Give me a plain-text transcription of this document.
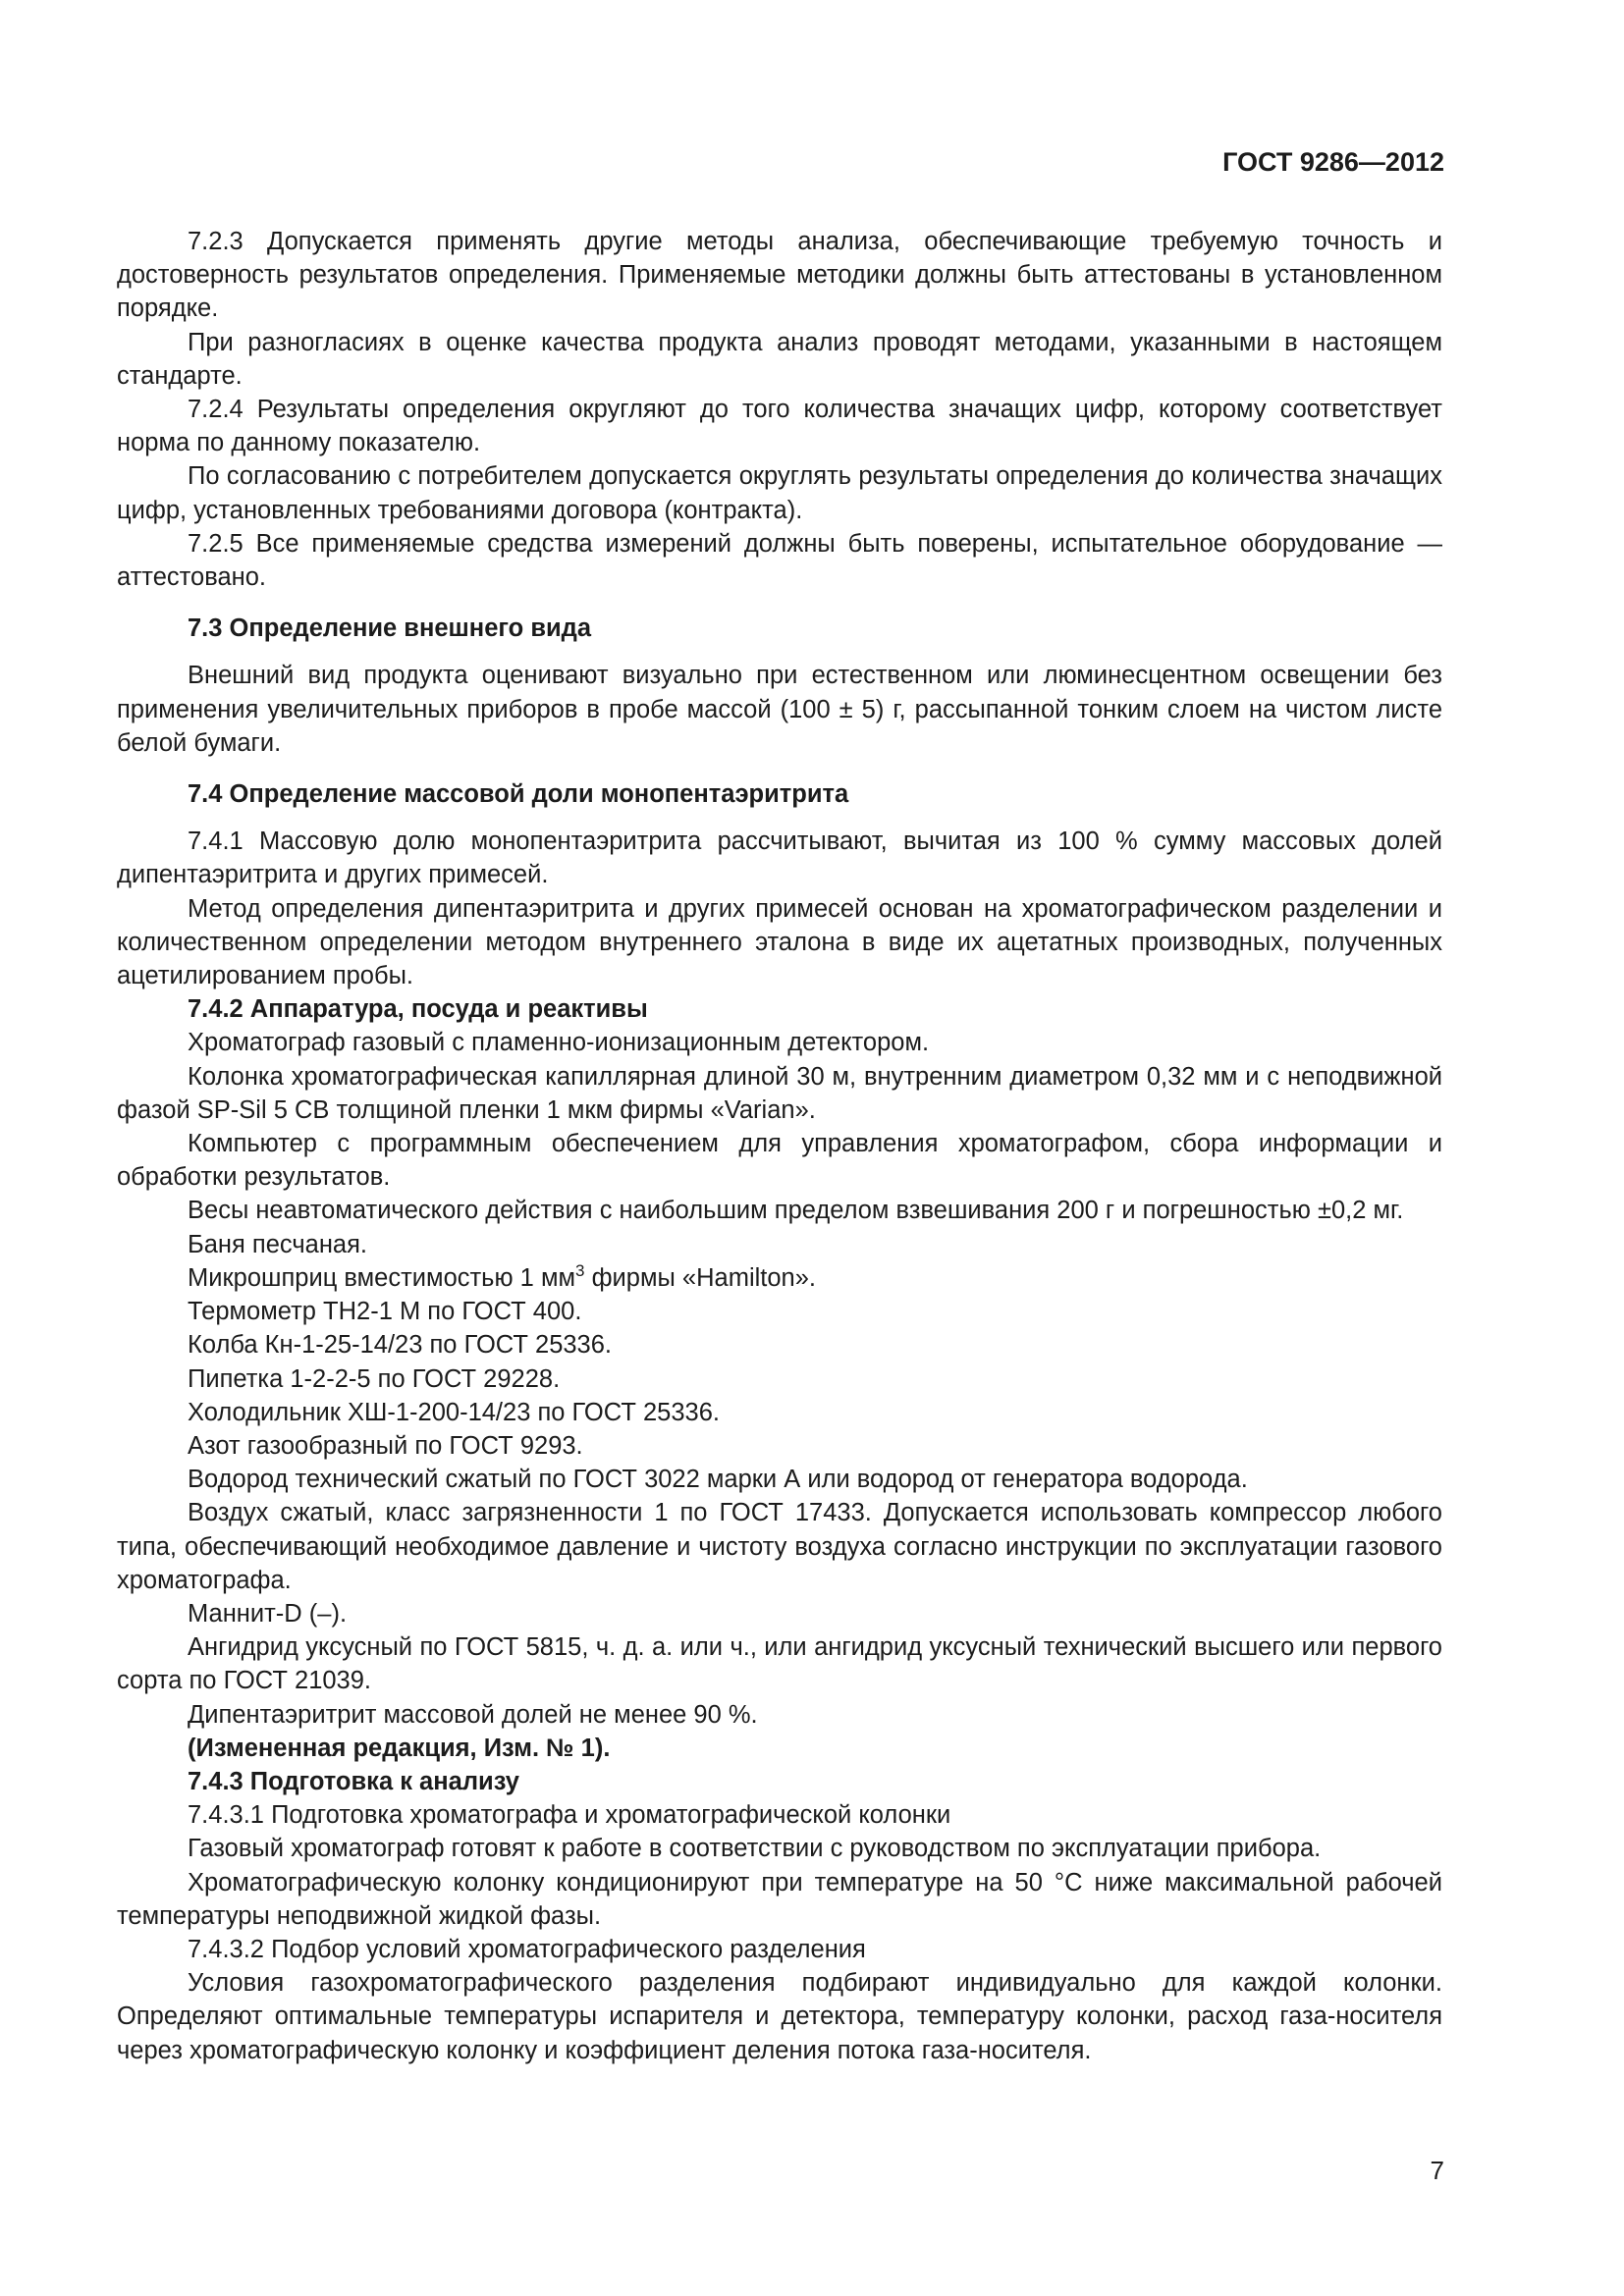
ГОСТ 9286—2012

7.2.3 Допускается применять другие методы анализа, обеспечивающие требуемую точность и достоверность результатов определения. Применяемые методики должны быть аттестованы в установленном порядке.

При разногласиях в оценке качества продукта анализ проводят методами, указанными в настоящем стандарте.

7.2.4 Результаты определения округляют до того количества значащих цифр, которому соответствует норма по данному показателю.

По согласованию с потребителем допускается округлять результаты определения до количества значащих цифр, установленных требованиями договора (контракта).

7.2.5 Все применяемые средства измерений должны быть поверены, испытательное оборудование — аттестовано.

7.3 Определение внешнего вида

Внешний вид продукта оценивают визуально при естественном или люминесцентном освещении без применения увеличительных приборов в пробе массой (100 ± 5) г, рассыпанной тонким слоем на чистом листе белой бумаги.

7.4 Определение массовой доли монопентаэритрита

7.4.1 Массовую долю монопентаэритрита рассчитывают, вычитая из 100 % сумму массовых долей дипентаэритрита и других примесей.

Метод определения дипентаэритрита и других примесей основан на хроматографическом разделении и количественном определении методом внутреннего эталона в виде их ацетатных производных, полученных ацетилированием пробы.

7.4.2 Аппаратура, посуда и реактивы

Хроматограф газовый с пламенно-ионизационным детектором.

Колонка хроматографическая капиллярная длиной 30 м, внутренним диаметром 0,32 мм и с неподвижной фазой SP-Sil 5 CB толщиной пленки 1 мкм фирмы «Varian».

Компьютер с программным обеспечением для управления хроматографом, сбора информации и обработки результатов.

Весы неавтоматического действия с наибольшим пределом взвешивания 200 г и погрешностью ±0,2 мг.

Баня песчаная.

Микрошприц вместимостью 1 $мм^3$ фирмы «Hamilton».

Термометр ТН2-1 М по ГОСТ 400.

Колба Кн-1-25-14/23 по ГОСТ 25336.

Пипетка 1-2-2-5 по ГОСТ 29228.

Холодильник ХШ-1-200-14/23 по ГОСТ 25336.

Азот газообразный по ГОСТ 9293.

Водород технический сжатый по ГОСТ 3022 марки А или водород от генератора водорода.

Воздух сжатый, класс загрязненности 1 по ГОСТ 17433. Допускается использовать компрессор любого типа, обеспечивающий необходимое давление и чистоту воздуха согласно инструкции по эксплуатации газового хроматографа.

Маннит-D (–).

Ангидрид уксусный по ГОСТ 5815, ч. д. а. или ч., или ангидрид уксусный технический высшего или первого сорта по ГОСТ 21039.

Дипентаэритрит массовой долей не менее 90 %.

(Измененная редакция, Изм. № 1).

7.4.3 Подготовка к анализу

7.4.3.1 Подготовка хроматографа и хроматографической колонки

Газовый хроматограф готовят к работе в соответствии с руководством по эксплуатации прибора.

Хроматографическую колонку кондиционируют при температуре на 50 °С ниже максимальной рабочей температуры неподвижной жидкой фазы.

7.4.3.2 Подбор условий хроматографического разделения

Условия газохроматографического разделения подбирают индивидуально для каждой колонки. Определяют оптимальные температуры испарителя и детектора, температуру колонки, расход газа-носителя через хроматографическую колонку и коэффициент деления потока газа-носителя.

7
